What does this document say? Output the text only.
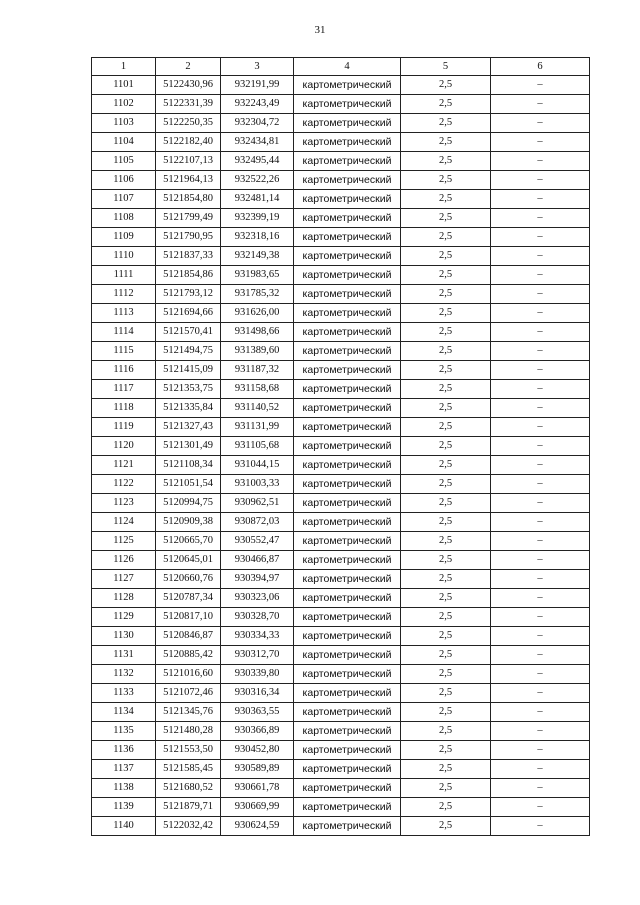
31
1	2	3	4	5	6
1101	5122430,96	932191,99	картометрический	2,5	–
1102	5122331,39	932243,49	картометрический	2,5	–
1103	5122250,35	932304,72	картометрический	2,5	–
1104	5122182,40	932434,81	картометрический	2,5	–
1105	5122107,13	932495,44	картометрический	2,5	–
1106	5121964,13	932522,26	картометрический	2,5	–
1107	5121854,80	932481,14	картометрический	2,5	–
1108	5121799,49	932399,19	картометрический	2,5	–
1109	5121790,95	932318,16	картометрический	2,5	–
1110	5121837,33	932149,38	картометрический	2,5	–
1111	5121854,86	931983,65	картометрический	2,5	–
1112	5121793,12	931785,32	картометрический	2,5	–
1113	5121694,66	931626,00	картометрический	2,5	–
1114	5121570,41	931498,66	картометрический	2,5	–
1115	5121494,75	931389,60	картометрический	2,5	–
1116	5121415,09	931187,32	картометрический	2,5	–
1117	5121353,75	931158,68	картометрический	2,5	–
1118	5121335,84	931140,52	картометрический	2,5	–
1119	5121327,43	931131,99	картометрический	2,5	–
1120	5121301,49	931105,68	картометрический	2,5	–
1121	5121108,34	931044,15	картометрический	2,5	–
1122	5121051,54	931003,33	картометрический	2,5	–
1123	5120994,75	930962,51	картометрический	2,5	–
1124	5120909,38	930872,03	картометрический	2,5	–
1125	5120665,70	930552,47	картометрический	2,5	–
1126	5120645,01	930466,87	картометрический	2,5	–
1127	5120660,76	930394,97	картометрический	2,5	–
1128	5120787,34	930323,06	картометрический	2,5	–
1129	5120817,10	930328,70	картометрический	2,5	–
1130	5120846,87	930334,33	картометрический	2,5	–
1131	5120885,42	930312,70	картометрический	2,5	–
1132	5121016,60	930339,80	картометрический	2,5	–
1133	5121072,46	930316,34	картометрический	2,5	–
1134	5121345,76	930363,55	картометрический	2,5	–
1135	5121480,28	930366,89	картометрический	2,5	–
1136	5121553,50	930452,80	картометрический	2,5	–
1137	5121585,45	930589,89	картометрический	2,5	–
1138	5121680,52	930661,78	картометрический	2,5	–
1139	5121879,71	930669,99	картометрический	2,5	–
1140	5122032,42	930624,59	картометрический	2,5	–
